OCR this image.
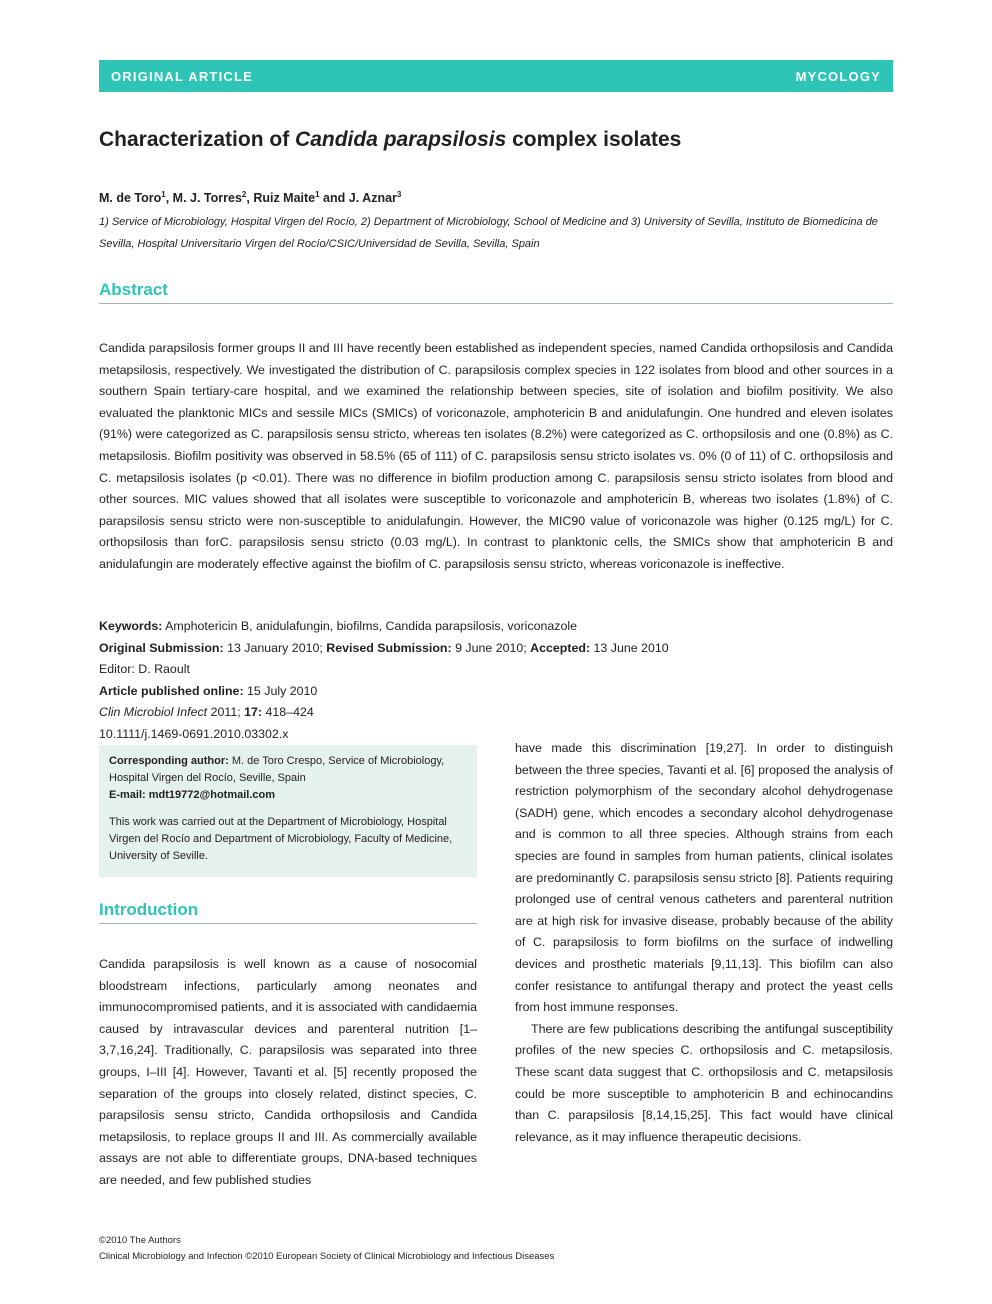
ORIGINAL ARTICLE	MYCOLOGY
Characterization of Candida parapsilosis complex isolates
M. de Toro$^1$, M. J. Torres$^2$, Ruiz Maite$^1$ and J. Aznar$^3$
1) Service of Microbiology, Hospital Virgen del Rocío, 2) Department of Microbiology, School of Medicine and 3) University of Sevilla, Instituto de Biomedicina de Sevilla, Hospital Universitario Virgen del Rocío/CSIC/Universidad de Sevilla, Sevilla, Spain
Abstract

Candida parapsilosis former groups II and III have recently been established as independent species, named Candida orthopsilosis and Candida metapsilosis, respectively. We investigated the distribution of C. parapsilosis complex species in 122 isolates from blood and other sources in a southern Spain tertiary-care hospital, and we examined the relationship between species, site of isolation and biofilm positivity. We also evaluated the planktonic MICs and sessile MICs (SMICs) of voriconazole, amphotericin B and anidulafungin. One hundred and eleven isolates (91%) were categorized as C. parapsilosis sensu stricto, whereas ten isolates (8.2%) were categorized as C. orthopsilosis and one (0.8%) as C. metapsilosis. Biofilm positivity was observed in 58.5% (65 of 111) of C. parapsilosis sensu stricto isolates vs. 0% (0 of 11) of C. orthopsilosis and C. metapsilosis isolates (p <0.01). There was no difference in biofilm production among C. parapsilosis sensu stricto isolates from blood and other sources. MIC values showed that all isolates were susceptible to voriconazole and amphotericin B, whereas two isolates (1.8%) of C. parapsilosis sensu stricto were non-susceptible to anidulafungin. However, the MIC90 value of voriconazole was higher (0.125 mg/L) for C. orthopsilosis than forC. parapsilosis sensu stricto (0.03 mg/L). In contrast to planktonic cells, the SMICs show that amphotericin B and anidulafungin are moderately effective against the biofilm of C. parapsilosis sensu stricto, whereas voriconazole is ineffective.

Keywords: Amphotericin B, anidulafungin, biofilms, Candida parapsilosis, voriconazole
Original Submission: 13 January 2010; Revised Submission: 9 June 2010; Accepted: 13 June 2010
Editor: D. Raoult
Article published online: 15 July 2010
Clin Microbiol Infect 2011; 17: 418–424
10.1111/j.1469-0691.2010.03302.x

Corresponding author: M. de Toro Crespo, Service of Microbiology, Hospital Virgen del Rocío, Seville, Spain

E-mail: mdt19772@hotmail.com

This work was carried out at the Department of Microbiology, Hospital Virgen del Rocío and Department of Microbiology, Faculty of Medicine, University of Seville.

Introduction

Candida parapsilosis is well known as a cause of nosocomial bloodstream infections, particularly among neonates and immunocompromised patients, and it is associated with candidaemia caused by intravascular devices and parenteral nutrition [1–3,7,16,24]. Traditionally, C. parapsilosis was separated into three groups, I–III [4]. However, Tavanti et al. [5] recently proposed the separation of the groups into closely related, distinct species, C. parapsilosis sensu stricto, Candida orthopsilosis and Candida metapsilosis, to replace groups II and III. As commercially available assays are not able to differentiate groups, DNA-based techniques are needed, and few published studies

have made this discrimination [19,27]. In order to distinguish between the three species, Tavanti et al. [6] proposed the analysis of restriction polymorphism of the secondary alcohol dehydrogenase (SADH) gene, which encodes a secondary alcohol dehydrogenase and is common to all three species. Although strains from each species are found in samples from human patients, clinical isolates are predominantly C. parapsilosis sensu stricto [8]. Patients requiring prolonged use of central venous catheters and parenteral nutrition are at high risk for invasive disease, probably because of the ability of C. parapsilosis to form biofilms on the surface of indwelling devices and prosthetic materials [9,11,13]. This biofilm can also confer resistance to antifungal therapy and protect the yeast cells from host immune responses.

There are few publications describing the antifungal susceptibility profiles of the new species C. orthopsilosis and C. metapsilosis. These scant data suggest that C. orthopsilosis and C. metapsilosis could be more susceptible to amphotericin B and echinocandins than C. parapsilosis [8,14,15,25]. This fact would have clinical relevance, as it may influence therapeutic decisions.

©2010 The Authors
Clinical Microbiology and Infection ©2010 European Society of Clinical Microbiology and Infectious Diseases
